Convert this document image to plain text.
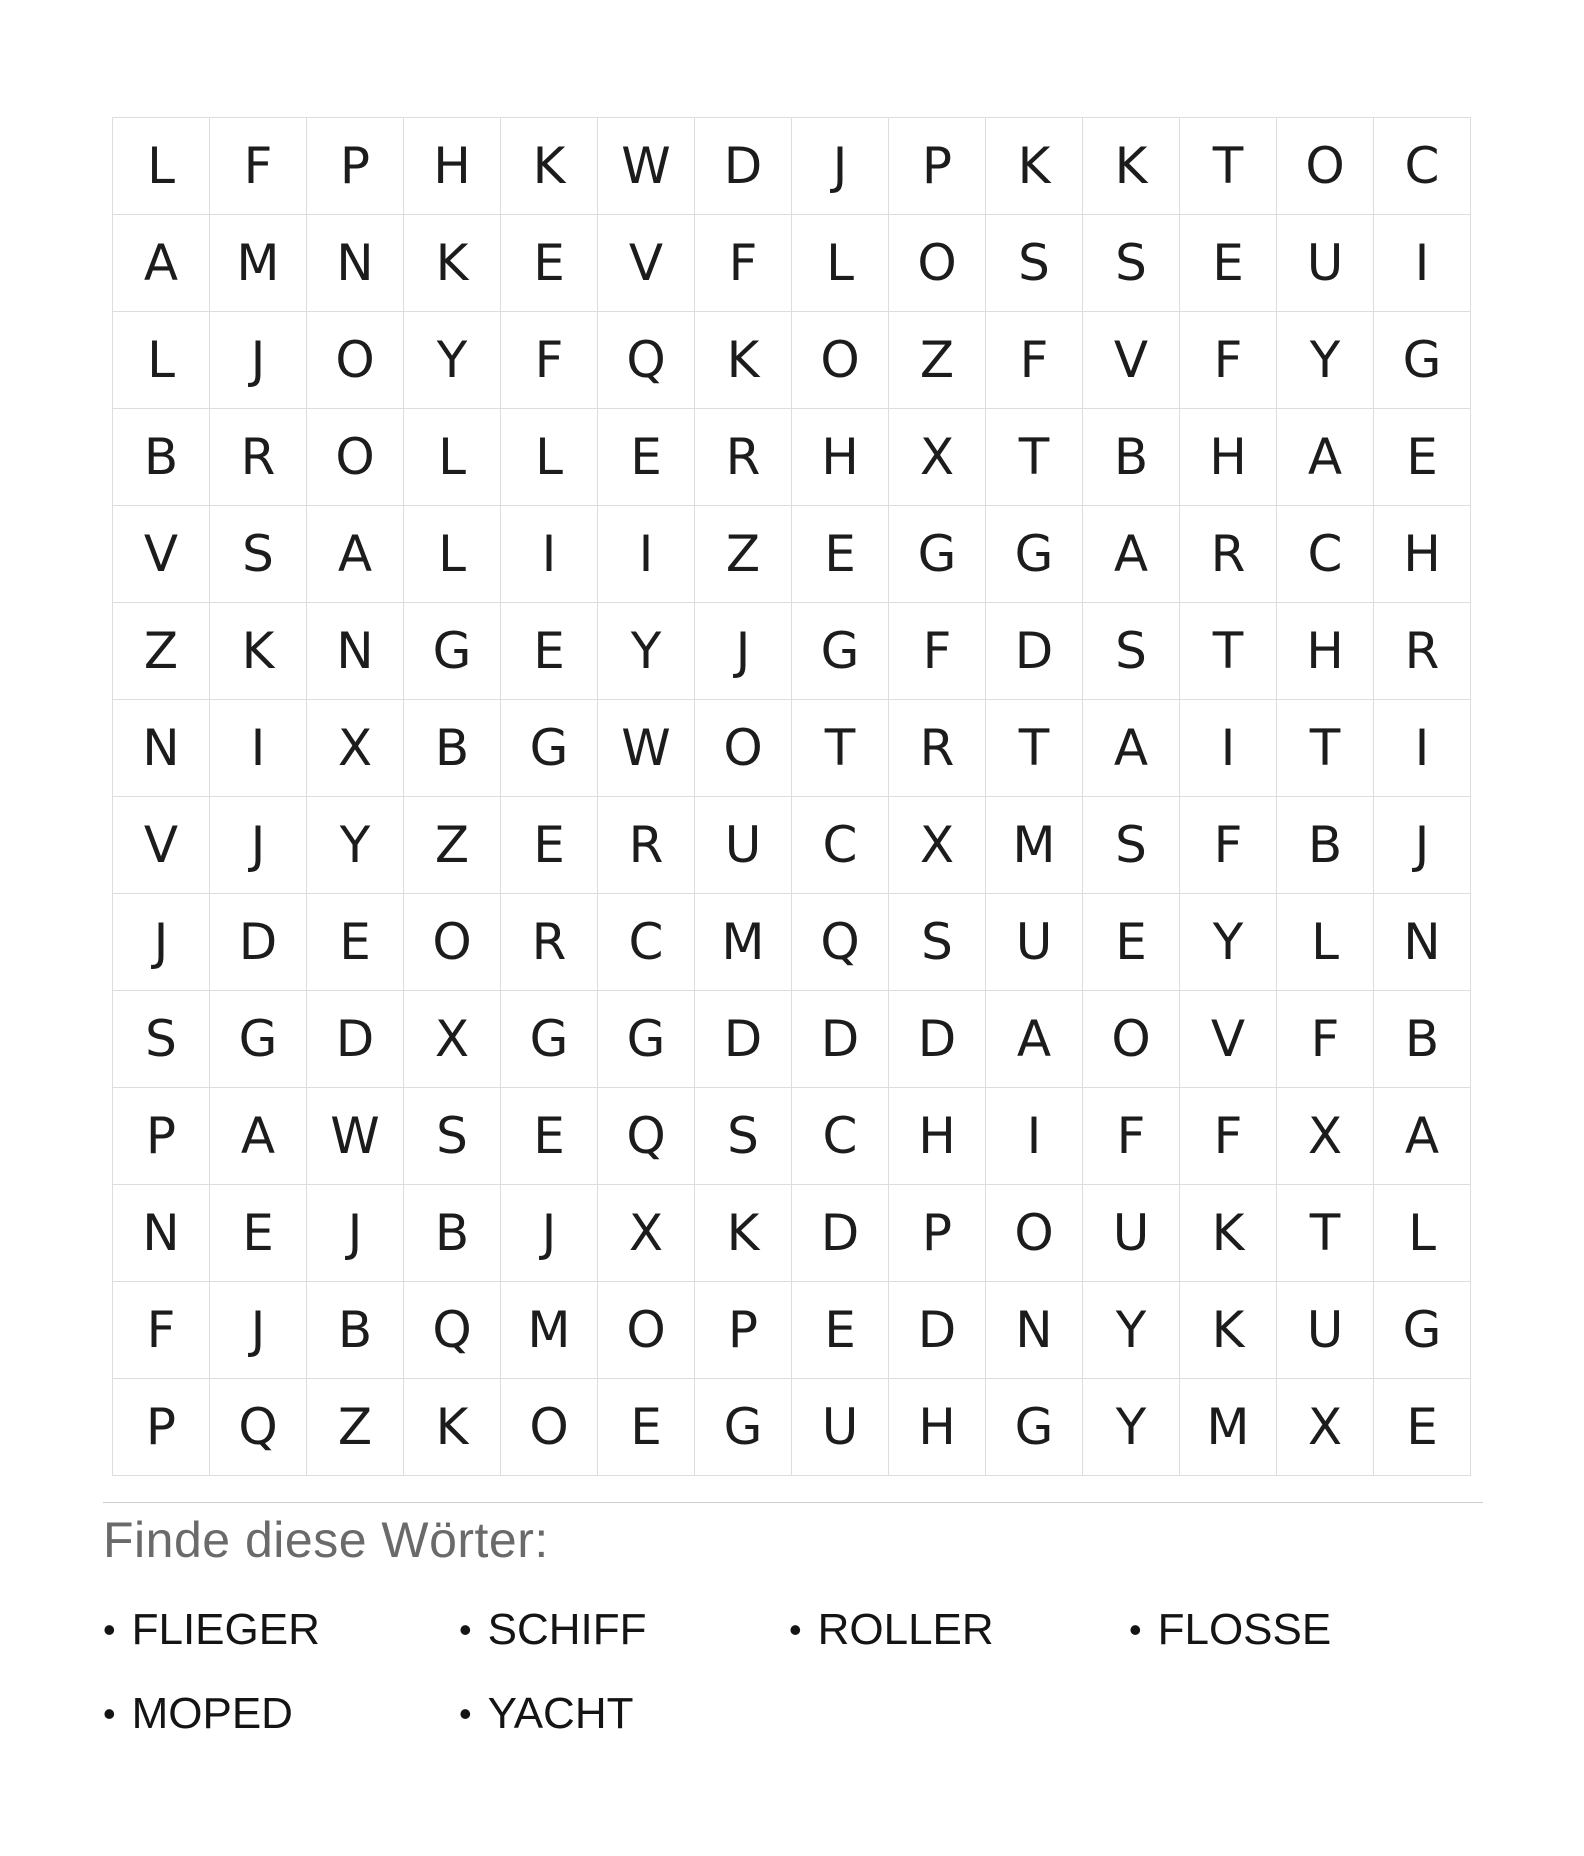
L	F	P	H	K	W	D	J	P	K	K	T	O	C
A	M	N	K	E	V	F	L	O	S	S	E	U	I
L	J	O	Y	F	Q	K	O	Z	F	V	F	Y	G
B	R	O	L	L	E	R	H	X	T	B	H	A	E
V	S	A	L	I	I	Z	E	G	G	A	R	C	H
Z	K	N	G	E	Y	J	G	F	D	S	T	H	R
N	I	X	B	G	W	O	T	R	T	A	I	T	I
V	J	Y	Z	E	R	U	C	X	M	S	F	B	J
J	D	E	O	R	C	M	Q	S	U	E	Y	L	N
S	G	D	X	G	G	D	D	D	A	O	V	F	B
P	A	W	S	E	Q	S	C	H	I	F	F	X	A
N	E	J	B	J	X	K	D	P	O	U	K	T	L
F	J	B	Q	M	O	P	E	D	N	Y	K	U	G
P	Q	Z	K	O	E	G	U	H	G	Y	M	X	E
Finde diese Wörter:
• FLIEGER	• SCHIFF	• ROLLER	• FLOSSE
• MOPED	• YACHT
